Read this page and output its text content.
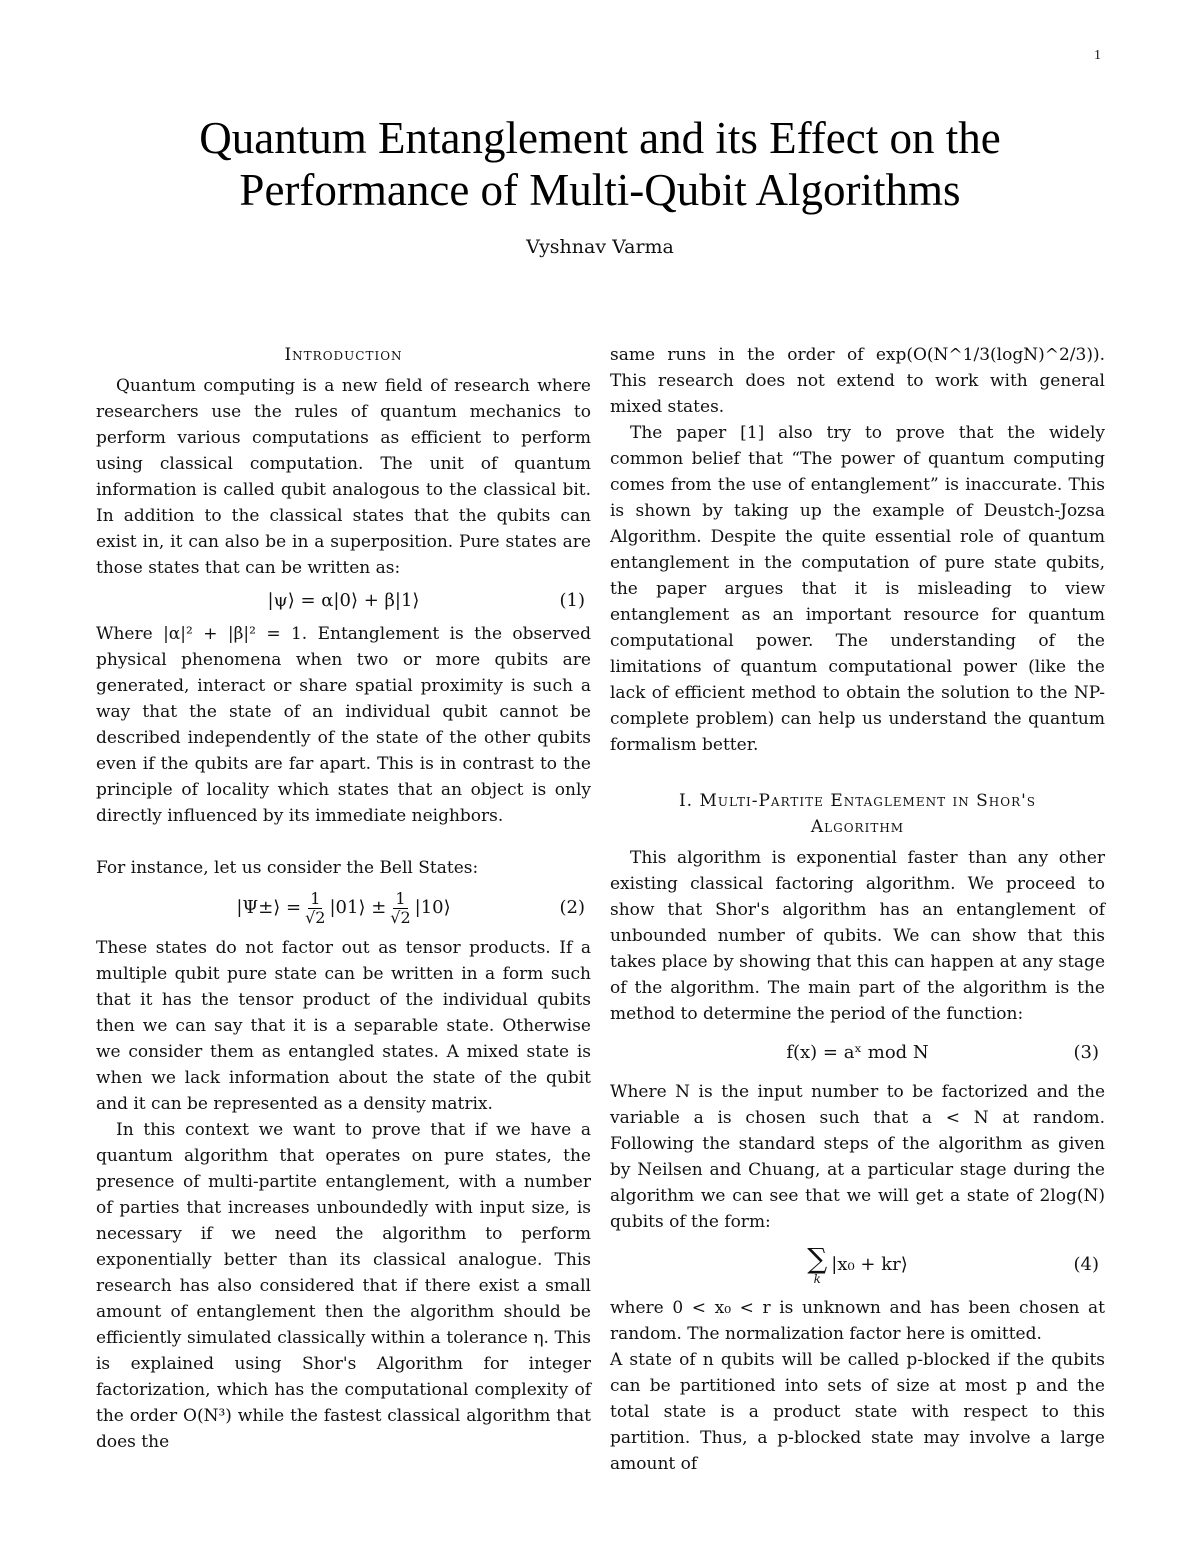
1
Quantum Entanglement and its Effect on the
Performance of Multi-Qubit Algorithms
Vyshnav Varma
Introduction

Quantum computing is a new field of research where researchers use the rules of quantum mechanics to perform various computations as efficient to perform using classical computation. The unit of quantum information is called qubit analogous to the classical bit. In addition to the classical states that the qubits can exist in, it can also be in a superposition. Pure states are those states that can be written as:

|ψ⟩ = α|0⟩ + β|1⟩	(1)

Where |α|² + |β|² = 1. Entanglement is the observed physical phenomena when two or more qubits are generated, interact or share spatial proximity is such a way that the state of an individual qubit cannot be described independently of the state of the other qubits even if the qubits are far apart. This is in contrast to the principle of locality which states that an object is only directly influenced by its immediate neighbors.

For instance, let us consider the Bell States:

|Ψ±⟩ = $\frac{1}{√2}$ |01⟩ ± $\frac{1}{√2}$ |10⟩	(2)

These states do not factor out as tensor products. If a multiple qubit pure state can be written in a form such that it has the tensor product of the individual qubits then we can say that it is a separable state. Otherwise we consider them as entangled states. A mixed state is when we lack information about the state of the qubit and it can be represented as a density matrix.

In this context we want to prove that if we have a quantum algorithm that operates on pure states, the presence of multi-partite entanglement, with a number of parties that increases unboundedly with input size, is necessary if we need the algorithm to perform exponentially better than its classical analogue. This research has also considered that if there exist a small amount of entanglement then the algorithm should be efficiently simulated classically within a tolerance η. This is explained using Shor's Algorithm for integer factorization, which has the computational complexity of the order O(N³) while the fastest classical algorithm that does the

same runs in the order of exp(O(N^1/3(logN)^2/3)). This research does not extend to work with general mixed states.

The paper [1] also try to prove that the widely common belief that “The power of quantum computing comes from the use of entanglement” is inaccurate. This is shown by taking up the example of Deustch-Jozsa Algorithm. Despite the quite essential role of quantum entanglement in the computation of pure state qubits, the paper argues that it is misleading to view entanglement as an important resource for quantum computational power. The understanding of the limitations of quantum computational power (like the lack of efficient method to obtain the solution to the NP-complete problem) can help us understand the quantum formalism better.

I. Multi-Partite Entaglement in Shor's
Algorithm

This algorithm is exponential faster than any other existing classical factoring algorithm. We proceed to show that Shor's algorithm has an entanglement of unbounded number of qubits. We can show that this takes place by showing that this can happen at any stage of the algorithm. The main part of the algorithm is the method to determine the period of the function:

f(x) = aˣ mod N	(3)

Where N is the input number to be factorized and the variable a is chosen such that a < N at random. Following the standard steps of the algorithm as given by Neilsen and Chuang, at a particular stage during the algorithm we can see that we will get a state of 2log(N) qubits of the form:

∑
k
|x₀ + kr⟩	(4)

where 0 < x₀ < r is unknown and has been chosen at random. The normalization factor here is omitted.

A state of n qubits will be called p-blocked if the qubits can be partitioned into sets of size at most p and the total state is a product state with respect to this partition. Thus, a p-blocked state may involve a large amount of
